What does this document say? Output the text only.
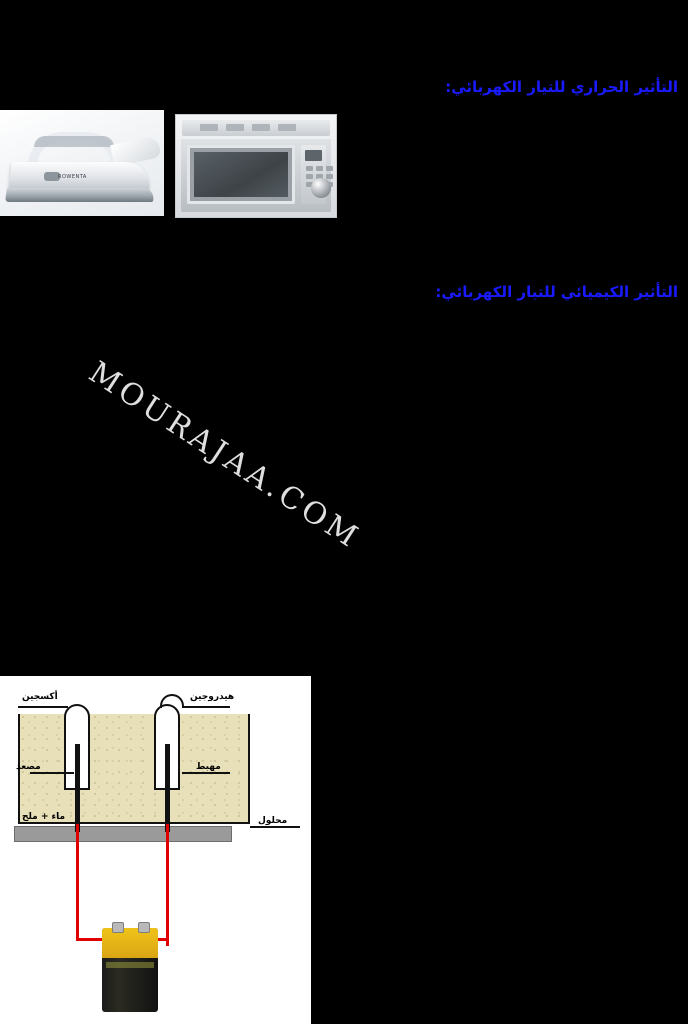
التأثير الحراري للتيار الكهربائي:
التأثير الكيميائي للتيار الكهربائي:
ROWENTA
MOURAJAA.COM
أكسجين	هيدروجين
مصعد	مهبط
محلول
ماء + ملح
